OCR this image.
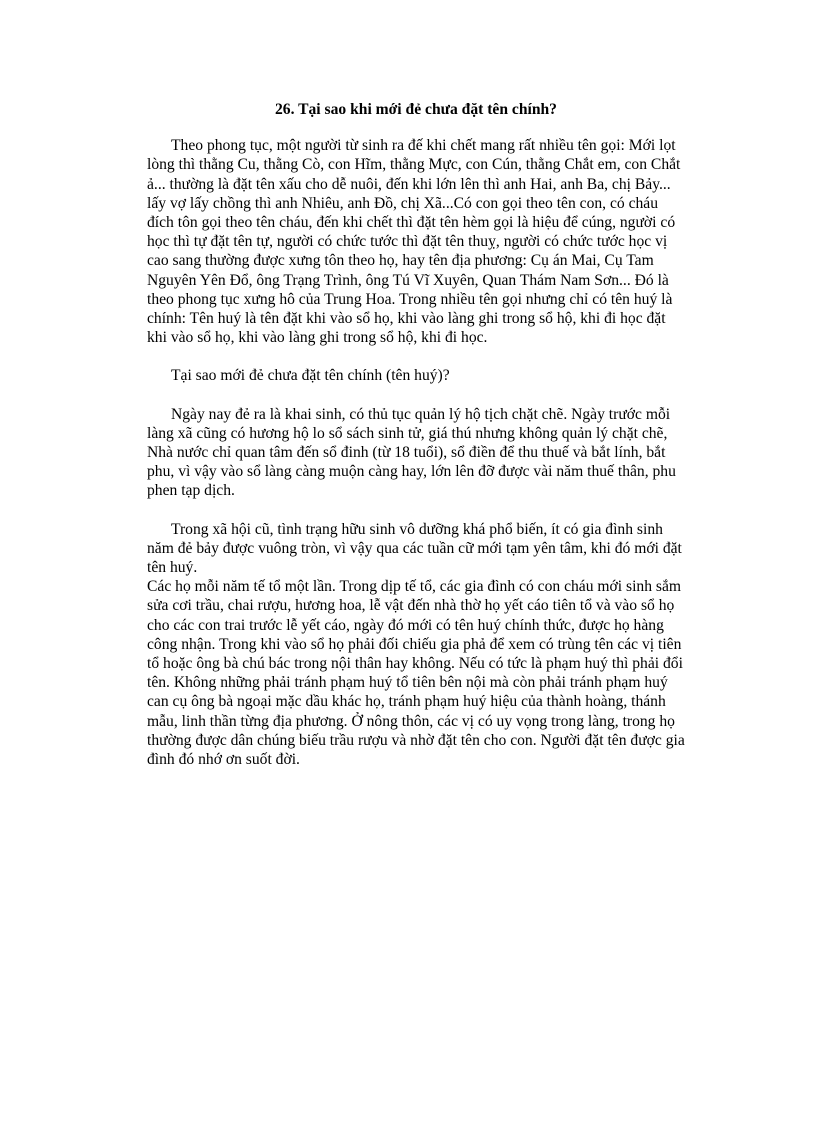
26. Tại sao khi mới đẻ chưa đặt tên chính?

Theo phong tục, một người từ sinh ra đế khi chết mang rất nhiều tên gọi: Mới lọt lòng thì thằng Cu, thằng Cò, con Hĩm, thằng Mực, con Cún, thằng Chắt em, con Chắt ả... thường là đặt tên xấu cho dễ nuôi, đến khi lớn lên thì anh Hai, anh Ba, chị Bảy... lấy vợ lấy chồng thì anh Nhiêu, anh Đồ, chị Xã...Có con gọi theo tên con, có cháu đích tôn gọi theo tên cháu, đến khi chết thì đặt tên hèm gọi là hiệu để cúng, người có học thì tự đặt tên tự, người có chức tước thì đặt tên thuỵ, người có chức tước học vị cao sang thường được xưng tôn theo họ, hay tên địa phương: Cụ án Mai, Cụ Tam Nguyên Yên Đổ, ông Trạng Trình, ông Tú Vĩ Xuyên, Quan Thám Nam Sơn... Đó là theo phong tục xưng hô của Trung Hoa. Trong nhiều tên gọi nhưng chỉ có tên huý là chính: Tên huý là tên đặt khi vào sổ họ, khi vào làng ghi trong sổ hộ, khi đi học đặt khi vào sổ họ, khi vào làng ghi trong sổ hộ, khi đi học.

Tại sao mới đẻ chưa đặt tên chính (tên huý)?

Ngày nay đẻ ra là khai sinh, có thủ tục quản lý hộ tịch chặt chẽ. Ngày trước mỗi làng xã cũng có hương hộ lo sổ sách sinh tử, giá thú nhưng không quản lý chặt chẽ, Nhà nước chỉ quan tâm đến sổ đinh (từ 18 tuổi), sổ điền để thu thuế và bắt lính, bắt phu, vì vậy vào sổ làng càng muộn càng hay, lớn lên đỡ được vài năm thuế thân, phu phen tạp dịch.

Trong xã hội cũ, tình trạng hữu sinh vô dưỡng khá phổ biến, ít có gia đình sinh năm đẻ bảy được vuông tròn, vì vậy qua các tuần cữ mới tạm yên tâm, khi đó mới đặt tên huý.

Các họ mỗi năm tế tổ một lần. Trong dịp tế tổ, các gia đình có con cháu mới sinh sắm sửa cơi trầu, chai rượu, hương hoa, lễ vật đến nhà thờ họ yết cáo tiên tổ và vào sổ họ cho các con trai trước lễ yết cáo, ngày đó mới có tên huý chính thức, được họ hàng công nhận. Trong khi vào sổ họ phải đối chiếu gia phả để xem có trùng tên các vị tiên tổ hoặc ông bà chú bác trong nội thân hay không. Nếu có tức là phạm huý thì phải đổi tên. Không những phải tránh phạm huý tổ tiên bên nội mà còn phải tránh phạm huý can cụ ông bà ngoại mặc dầu khác họ, tránh phạm huý hiệu của thành hoàng, thánh mẫu, linh thần từng địa phương. Ở nông thôn, các vị có uy vọng trong làng, trong họ thường được dân chúng biếu trầu rượu và nhờ đặt tên cho con. Người đặt tên được gia đình đó nhớ ơn suốt đời.
